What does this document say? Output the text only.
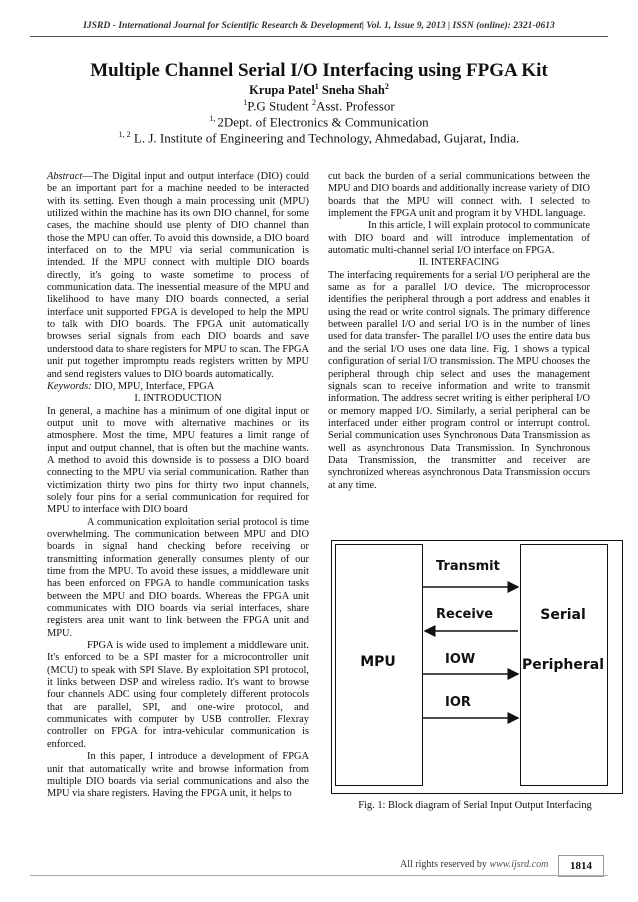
IJSRD - International Journal for Scientific Research & Development| Vol. 1, Issue 9, 2013 | ISSN (online): 2321-0613
Multiple Channel Serial I/O Interfacing using FPGA Kit
Krupa Patel$^1$ Sneha Shah$^2$
$^1$P.G Student $^2$Asst. Professor
$^{1,}$ 2Dept. of Electronics & Communication
$^{1, 2}$ L. J. Institute of Engineering and Technology, Ahmedabad, Gujarat, India.

Abstract—The Digital input and output interface (DIO) could be an important part for a machine needed to be interacted with its setting. Even though a main processing unit (MPU) utilized within the machine has its own DIO channel, for some cases, the machine should use plenty of DIO channel than those the MPU can offer. To avoid this downside, a DIO board interfaced on to the MPU via serial communication is intended. If the MPU connect with multiple DIO boards directly, it's going to waste sometime to process of communication data. The inessential measure of the MPU and likelihood to have many DIO boards connected, a serial interface unit supported FPGA is developed to help the MPU to talk with DIO boards. The FPGA unit automatically browses serial signals from each DIO boards and save understood data to share registers for MPU to scan. The FPGA unit put together impromptu reads registers written by MPU and send registers values to DIO boards automatically.

Keywords: DIO, MPU, Interface, FPGA

I. INTRODUCTION

In general, a machine has a minimum of one digital input or output unit to move with alternative machines or its atmosphere. Most the time, MPU features a limit range of input and output channel, that is often but the machine wants. A method to avoid this downside is to possess a DIO board connecting to the MPU via serial communication. Rather than victimization thirty two pins for thirty two input channels, solely four pins for a serial communication for required for MPU to interface with DIO board

A communication exploitation serial protocol is time overwhelming. The communication between MPU and DIO boards in signal hand checking before receiving or transmitting information generally consumes plenty of our time from the MPU. To avoid these issues, a middleware unit has been enforced on FPGA to handle communication tasks between the MPU and DIO boards. Whereas the FPGA unit communicates with DIO boards via serial interfaces, share registers area unit want to link between the FPGA unit and MPU.

FPGA is wide used to implement a middleware unit. It's enforced to be a SPI master for a microcontroller unit (MCU) to speak with SPI Slave. By exploitation SPI protocol, it links between DSP and wireless radio. It's want to browse four channels ADC using four completely different protocols that are parallel, SPI, and one-wire protocol, and communicates with computer by USB controller. Flexray controller on FPGA for intra-vehicular communication is enforced.

In this paper, I introduce a development of FPGA unit that automatically write and browse information from multiple DIO boards via serial communications and also the MPU via share registers. Having the FPGA unit, it helps to

cut back the burden of a serial communications between the MPU and DIO boards and additionally increase variety of DIO boards that the MPU will connect with. I selected to implement the FPGA unit and program it by VHDL language.

In this article, I will explain protocol to communicate with DIO board and will introduce implementation of automatic multi-channel serial I/O interface on FPGA.

II. INTERFACING

The interfacing requirements for a serial I/O peripheral are the same as for a parallel I/O device. The microprocessor identifies the peripheral through a port address and enables it using the read or write control signals. The primary difference between parallel I/O and serial I/O is in the number of lines used for data transfer- The parallel I/O uses the entire data bus and the serial I/O uses one data line. Fig. 1 shows a typical configuration of serial I/O transmission. The MPU chooses the peripheral through chip select and uses the management signals scan to receive information and write to transmit information. The address secret writing is either peripheral I/O or memory mapped I/O. Similarly, a serial peripheral can be interfaced under either program control or interrupt control. Serial communication uses Synchronous Data Transmission as well as asynchronous Data Transmission. In Synchronous Data Transmission, the transmitter and receiver are synchronized whereas asynchronous Data Transmission occurs at any time.

Transmit
Receive
IOW
IOR
MPU
Serial
Peripheral
Fig. 1: Block diagram of Serial Input Output Interfacing
All rights reserved by www.ijsrd.com	1814
